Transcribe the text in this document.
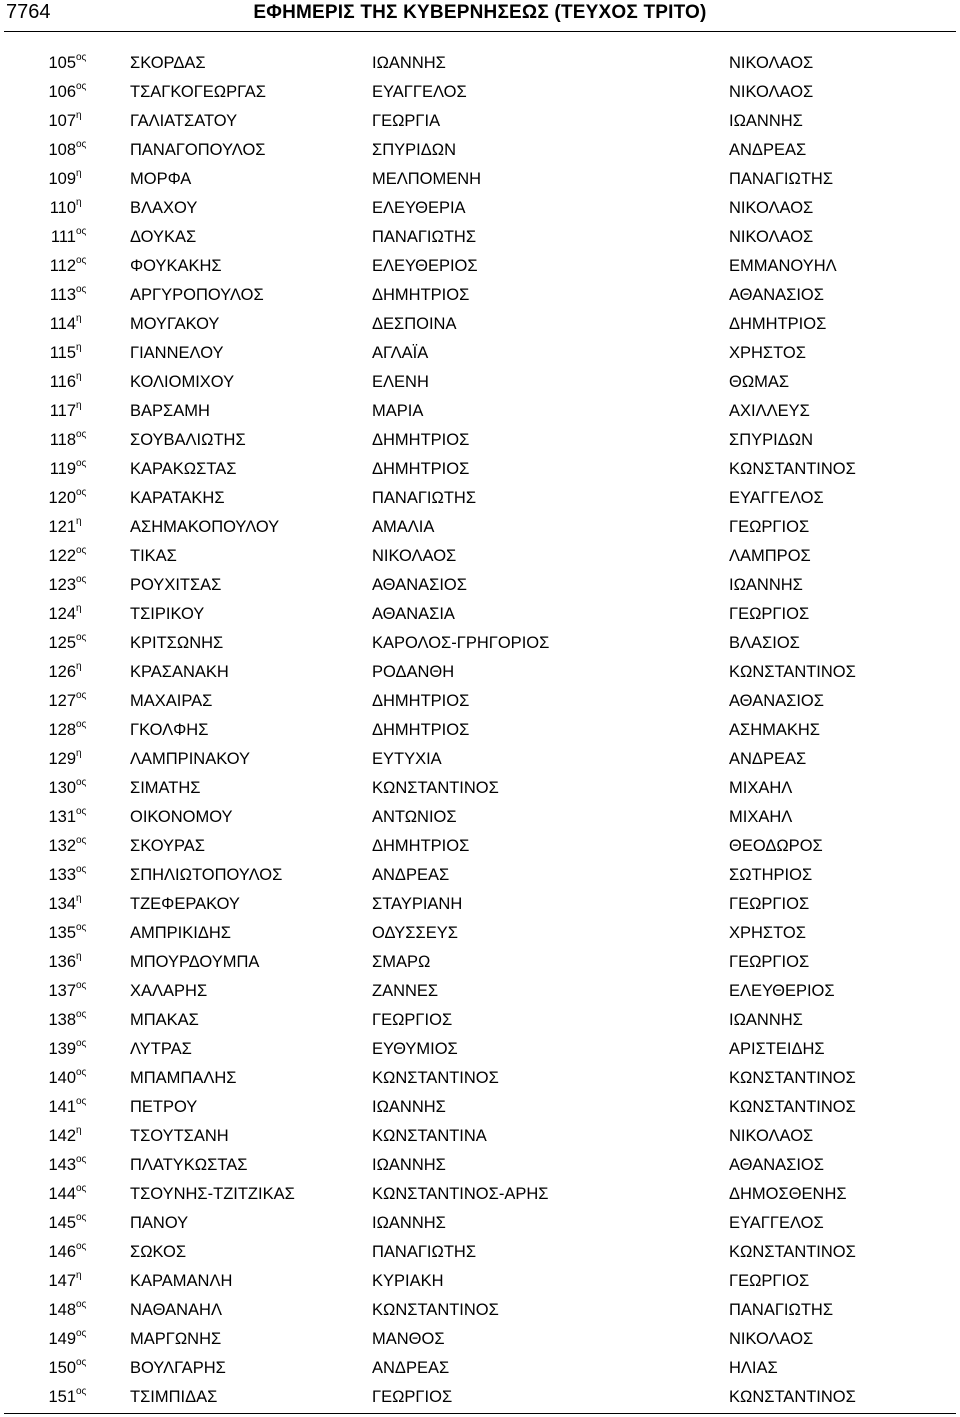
7764	ΕΦΗΜΕΡΙΣ ΤΗΣ ΚΥΒΕΡΝΗΣΕΩΣ (ΤΕΥΧΟΣ ΤΡΙΤΟ)
105 ος	ΣΚΟΡΔΑΣ	ΙΩΑΝΝΗΣ	ΝΙΚΟΛΑΟΣ
106 ος	ΤΣΑΓΚΟΓΕΩΡΓΑΣ	ΕΥΑΓΓΕΛΟΣ	ΝΙΚΟΛΑΟΣ
107 η	ΓΑΛΙΑΤΣΑΤΟΥ	ΓΕΩΡΓΙΑ	ΙΩΑΝΝΗΣ
108 ος	ΠΑΝΑΓΟΠΟΥΛΟΣ	ΣΠΥΡΙΔΩΝ	ΑΝΔΡΕΑΣ
109 η	ΜΟΡΦΑ	ΜΕΛΠΟΜΕΝΗ	ΠΑΝΑΓΙΩΤΗΣ
110 η	ΒΛΑΧΟΥ	ΕΛΕΥΘΕΡΙΑ	ΝΙΚΟΛΑΟΣ
111 ος	ΔΟΥΚΑΣ	ΠΑΝΑΓΙΩΤΗΣ	ΝΙΚΟΛΑΟΣ
112 ος	ΦΟΥΚΑΚΗΣ	ΕΛΕΥΘΕΡΙΟΣ	ΕΜΜΑΝΟΥΗΛ
113 ος	ΑΡΓΥΡΟΠΟΥΛΟΣ	ΔΗΜΗΤΡΙΟΣ	ΑΘΑΝΑΣΙΟΣ
114 η	ΜΟΥΓΑΚΟΥ	ΔΕΣΠΟΙΝΑ	ΔΗΜΗΤΡΙΟΣ
115 η	ΓΙΑΝΝΕΛΟΥ	ΑΓΛΑΪΑ	ΧΡΗΣΤΟΣ
116 η	ΚΟΛΙΟΜΙΧΟΥ	ΕΛΕΝΗ	ΘΩΜΑΣ
117 η	ΒΑΡΣΑΜΗ	ΜΑΡΙΑ	ΑΧΙΛΛΕΥΣ
118 ος	ΣΟΥΒΑΛΙΩΤΗΣ	ΔΗΜΗΤΡΙΟΣ	ΣΠΥΡΙΔΩΝ
119 ος	ΚΑΡΑΚΩΣΤΑΣ	ΔΗΜΗΤΡΙΟΣ	ΚΩΝΣΤΑΝΤΙΝΟΣ
120 ος	ΚΑΡΑΤΑΚΗΣ	ΠΑΝΑΓΙΩΤΗΣ	ΕΥΑΓΓΕΛΟΣ
121 η	ΑΣΗΜΑΚΟΠΟΥΛΟΥ	ΑΜΑΛΙΑ	ΓΕΩΡΓΙΟΣ
122 ος	ΤΙΚΑΣ	ΝΙΚΟΛΑΟΣ	ΛΑΜΠΡΟΣ
123 ος	ΡΟΥΧΙΤΣΑΣ	ΑΘΑΝΑΣΙΟΣ	ΙΩΑΝΝΗΣ
124 η	ΤΣΙΡΙΚΟΥ	ΑΘΑΝΑΣΙΑ	ΓΕΩΡΓΙΟΣ
125 ος	ΚΡΙΤΣΩΝΗΣ	ΚΑΡΟΛΟΣ-ΓΡΗΓΟΡΙΟΣ	ΒΛΑΣΙΟΣ
126 η	ΚΡΑΣΑΝΑΚΗ	ΡΟΔΑΝΘΗ	ΚΩΝΣΤΑΝΤΙΝΟΣ
127 ος	ΜΑΧΑΙΡΑΣ	ΔΗΜΗΤΡΙΟΣ	ΑΘΑΝΑΣΙΟΣ
128 ος	ΓΚΟΛΦΗΣ	ΔΗΜΗΤΡΙΟΣ	ΑΣΗΜΑΚΗΣ
129 η	ΛΑΜΠΡΙΝΑΚΟΥ	ΕΥΤΥΧΙΑ	ΑΝΔΡΕΑΣ
130 ος	ΣΙΜΑΤΗΣ	ΚΩΝΣΤΑΝΤΙΝΟΣ	ΜΙΧΑΗΛ
131 ος	ΟΙΚΟΝΟΜΟΥ	ΑΝΤΩΝΙΟΣ	ΜΙΧΑΗΛ
132 ος	ΣΚΟΥΡΑΣ	ΔΗΜΗΤΡΙΟΣ	ΘΕΟΔΩΡΟΣ
133 ος	ΣΠΗΛΙΩΤΟΠΟΥΛΟΣ	ΑΝΔΡΕΑΣ	ΣΩΤΗΡΙΟΣ
134 η	ΤΖΕΦΕΡΑΚΟΥ	ΣΤΑΥΡΙΑΝΗ	ΓΕΩΡΓΙΟΣ
135 ος	ΑΜΠΡΙΚΙΔΗΣ	ΟΔΥΣΣΕΥΣ	ΧΡΗΣΤΟΣ
136 η	ΜΠΟΥΡΔΟΥΜΠΑ	ΣΜΑΡΩ	ΓΕΩΡΓΙΟΣ
137 ος	ΧΑΛΑΡΗΣ	ΖΑΝΝΕΣ	ΕΛΕΥΘΕΡΙΟΣ
138 ος	ΜΠΑΚΑΣ	ΓΕΩΡΓΙΟΣ	ΙΩΑΝΝΗΣ
139 ος	ΛΥΤΡΑΣ	ΕΥΘΥΜΙΟΣ	ΑΡΙΣΤΕΙΔΗΣ
140 ος	ΜΠΑΜΠΑΛΗΣ	ΚΩΝΣΤΑΝΤΙΝΟΣ	ΚΩΝΣΤΑΝΤΙΝΟΣ
141 ος	ΠΕΤΡΟΥ	ΙΩΑΝΝΗΣ	ΚΩΝΣΤΑΝΤΙΝΟΣ
142 η	ΤΣΟΥΤΣΑΝΗ	ΚΩΝΣΤΑΝΤΙΝΑ	ΝΙΚΟΛΑΟΣ
143 ος	ΠΛΑΤΥΚΩΣΤΑΣ	ΙΩΑΝΝΗΣ	ΑΘΑΝΑΣΙΟΣ
144 ος	ΤΣΟΥΝΗΣ-ΤΖΙΤΖΙΚΑΣ	ΚΩΝΣΤΑΝΤΙΝΟΣ-ΑΡΗΣ	ΔΗΜΟΣΘΕΝΗΣ
145 ος	ΠΑΝΟΥ	ΙΩΑΝΝΗΣ	ΕΥΑΓΓΕΛΟΣ
146 ος	ΣΩΚΟΣ	ΠΑΝΑΓΙΩΤΗΣ	ΚΩΝΣΤΑΝΤΙΝΟΣ
147 η	ΚΑΡΑΜΑΝΛΗ	ΚΥΡΙΑΚΗ	ΓΕΩΡΓΙΟΣ
148 ος	ΝΑΘΑΝΑΗΛ	ΚΩΝΣΤΑΝΤΙΝΟΣ	ΠΑΝΑΓΙΩΤΗΣ
149 ος	ΜΑΡΓΩΝΗΣ	ΜΑΝΘΟΣ	ΝΙΚΟΛΑΟΣ
150 ος	ΒΟΥΛΓΑΡΗΣ	ΑΝΔΡΕΑΣ	ΗΛΙΑΣ
151 ος	ΤΣΙΜΠΙΔΑΣ	ΓΕΩΡΓΙΟΣ	ΚΩΝΣΤΑΝΤΙΝΟΣ
